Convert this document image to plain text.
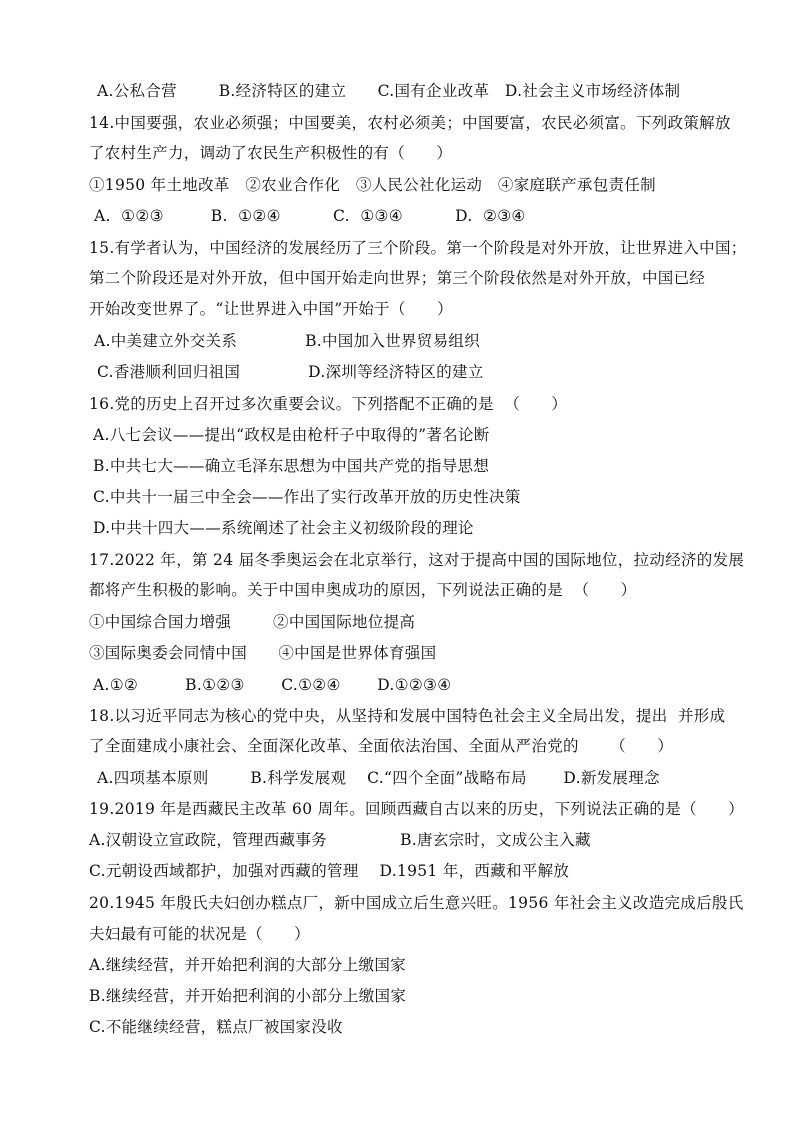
A.公私合营        B.经济特区的建立      C.国有企业改革   D.社会主义市场经济体制
14.中国要强，农业必须强；中国要美，农村必须美；中国要富，农民必须富。下列政策解放
了农村生产力，调动了农民生产积极性的有（      ）
①1950 年土地改革   ②农业合作化   ③人民公社化运动   ④家庭联产承包责任制
A.  ①②③         B.  ①②④          C.  ①③④          D.  ②③④
15.有学者认为，中国经济的发展经历了三个阶段。第一个阶段是对外开放，让世界进入中国；
第二个阶段还是对外开放，但中国开始走向世界；第三个阶段依然是对外开放，中国已经
开始改变世界了。“让世界进入中国”开始于（      ）
A.中美建立外交关系             B.中国加入世界贸易组织
C.香港顺利回归祖国             D.深圳等经济特区的建立
16.党的历史上召开过多次重要会议。下列搭配不正确的是  （      ）
A.八七会议——提出“政权是由枪杆子中取得的”著名论断
B.中共七大——确立毛泽东思想为中国共产党的指导思想
C.中共十一届三中全会——作出了实行改革开放的历史性决策
D.中共十四大——系统阐述了社会主义初级阶段的理论
17.2022 年，第 24 届冬季奥运会在北京举行，这对于提高中国的国际地位，拉动经济的发展
都将产生积极的影响。关于中国申奥成功的原因，下列说法正确的是  （      ）
①中国综合国力增强        ②中国国际地位提高
③国际奥委会同情中国      ④中国是世界体育强国
A.①②         B.①②③       C.①②④       D.①②③④
18.以习近平同志为核心的党中央，从坚持和发展中国特色社会主义全局出发，提出  并形成
了全面建成小康社会、全面深化改革、全面依法治国、全面从严治党的      （      ）
A.四项基本原则        B.科学发展观    C.“四个全面”战略布局       D.新发展理念
19.2019 年是西藏民主改革 60 周年。回顾西藏自古以来的历史，下列说法正确的是（      ）
A.汉朝设立宣政院，管理西藏事务              B.唐玄宗时，文成公主入藏
C.元朝设西域都护，加强对西藏的管理    D.1951 年，西藏和平解放
20.1945 年殷氏夫妇创办糕点厂，新中国成立后生意兴旺。1956 年社会主义改造完成后殷氏
夫妇最有可能的状况是（      ）
A.继续经营，并开始把利润的大部分上缴国家
B.继续经营，并开始把利润的小部分上缴国家
C.不能继续经营，糕点厂被国家没收
